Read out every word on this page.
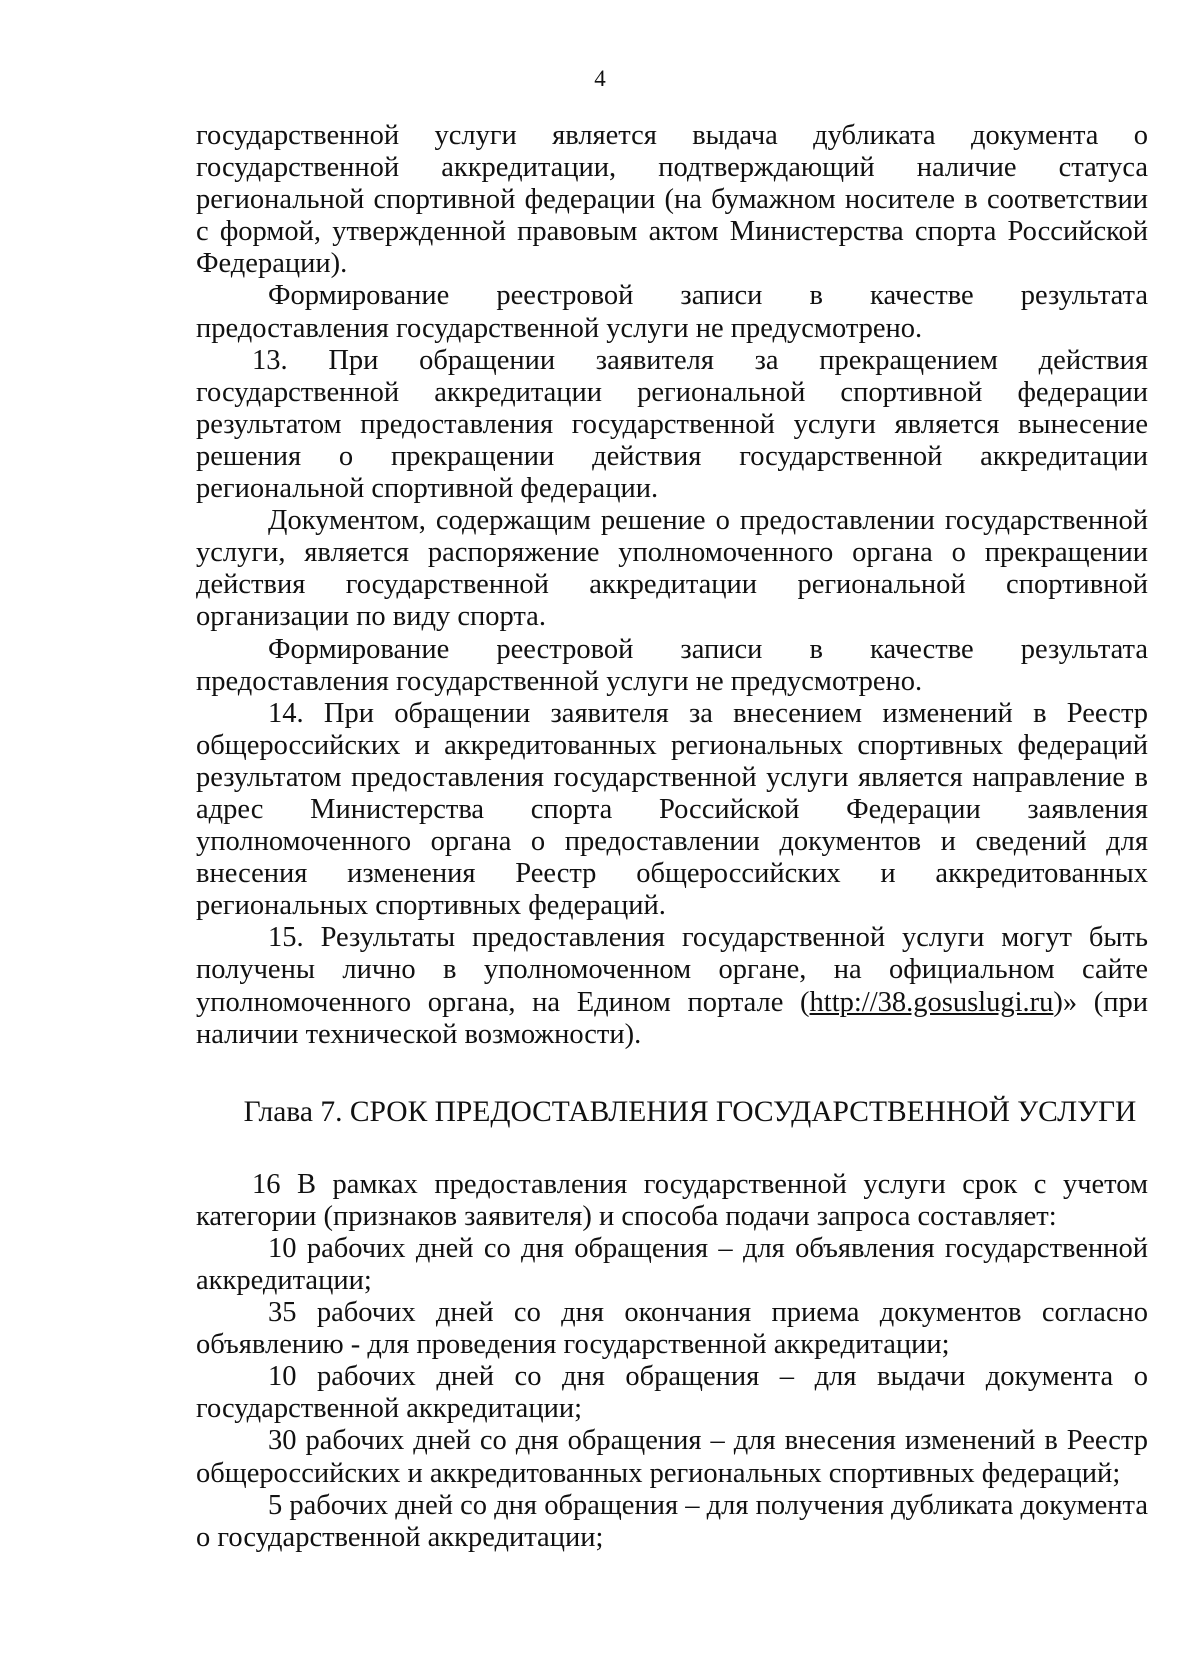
4

государственной услуги является выдача дубликата документа о государственной аккредитации, подтверждающий наличие статуса региональной спортивной федерации (на бумажном носителе в соответствии с формой, утвержденной правовым актом Министерства спорта Российской Федерации).

Формирование реестровой записи в качестве результата предоставления государственной услуги не предусмотрено.

13. При обращении заявителя за прекращением действия государственной аккредитации региональной спортивной федерации результатом предоставления государственной услуги является вынесение решения о прекращении действия государственной аккредитации региональной спортивной федерации.

Документом, содержащим решение о предоставлении государственной услуги, является распоряжение уполномоченного органа о прекращении действия государственной аккредитации региональной спортивной организации по виду спорта.

Формирование реестровой записи в качестве результата предоставления государственной услуги не предусмотрено.

14. При обращении заявителя за внесением изменений в Реестр общероссийских и аккредитованных региональных спортивных федераций результатом предоставления государственной услуги является направление в адрес Министерства спорта Российской Федерации заявления уполномоченного органа о предоставлении документов и сведений для внесения изменения Реестр общероссийских и аккредитованных региональных спортивных федераций.

15. Результаты предоставления государственной услуги могут быть получены лично в уполномоченном органе, на официальном сайте уполномоченного органа, на Едином портале (http://38.gosuslugi.ru)» (при наличии технической возможности).

Глава 7. СРОК ПРЕДОСТАВЛЕНИЯ ГОСУДАРСТВЕННОЙ УСЛУГИ

16 В рамках предоставления государственной услуги срок с учетом категории (признаков заявителя) и способа подачи запроса составляет:

10 рабочих дней со дня обращения – для объявления государственной аккредитации;

35 рабочих дней со дня окончания приема документов согласно объявлению - для проведения государственной аккредитации;

10 рабочих дней со дня обращения – для выдачи документа о государственной аккредитации;

30 рабочих дней со дня обращения – для внесения изменений в Реестр общероссийских и аккредитованных региональных спортивных федераций;

5 рабочих дней со дня обращения – для получения дубликата документа о государственной аккредитации;
